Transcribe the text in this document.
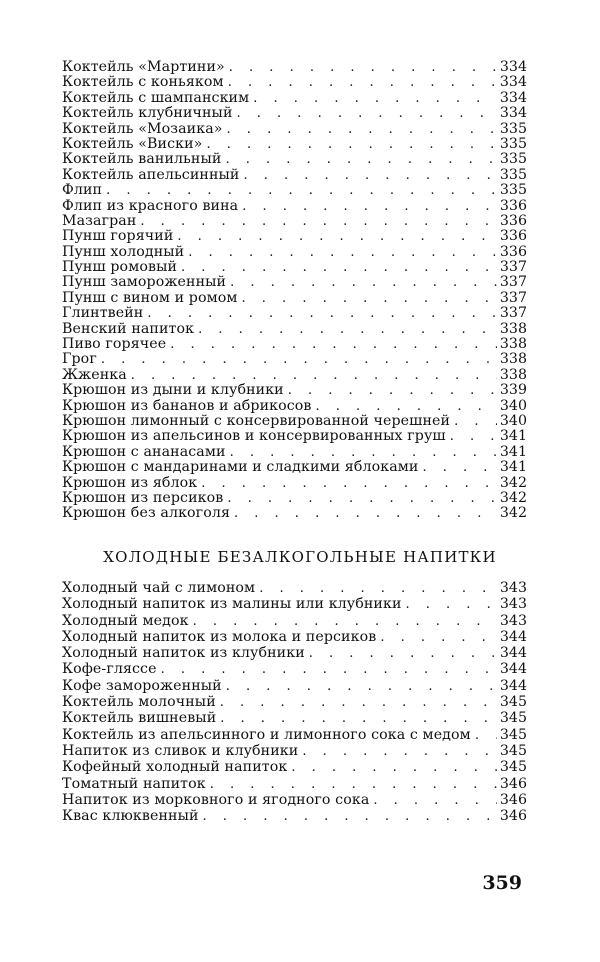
Коктейль «Мартини» . . .	334
Коктейль с коньяком . . .	334
Коктейль с шампанским . . .	334
Коктейль клубничный . . .	334
Коктейль «Мозаика» . . .	335
Коктейль «Виски» . . .	335
Коктейль ванильный . . .	335
Коктейль апельсинный . . .	335
Флип . . .	335
Флип из красного вина . . .	336
Мазагран . . .	336
Пунш горячий . . .	336
Пунш холодный . . .	336
Пунш ромовый . . .	337
Пунш замороженный . . .	337
Пунш с вином и ромом . . .	337
Глинтвейн . . .	337
Венский напиток . . .	338
Пиво горячее . . .	338
Грог . . .	338
Жженка . . .	338
Крюшон из дыни и клубники . . .	339
Крюшон из бананов и абрикосов . . .	340
Крюшон лимонный с консервированной черешней . . .	340
Крюшон из апельсинов и консервированных груш . . .	341
Крюшон с ананасами . . .	341
Крюшон с мандаринами и сладкими яблоками . . .	341
Крюшон из яблок . . .	342
Крюшон из персиков . . .	342
Крюшон без алкоголя . . .	342
ХОЛОДНЫЕ БЕЗАЛКОГОЛЬНЫЕ НАПИТКИ
Холодный чай с лимоном . . .	343
Холодный напиток из малины или клубники . . .	343
Холодный медок . . .	343
Холодный напиток из молока и персиков . . .	344
Холодный напиток из клубники . . .	344
Кофе-гляссе . . .	344
Кофе замороженный . . .	344
Коктейль молочный . . .	345
Коктейль вишневый . . .	345
Коктейль из апельсинного и лимонного сока с медом . . . 345
Напиток из сливок и клубники . . .	345
Кофейный холодный напиток . . .	345
Томатный напиток . . .	346
Напиток из морковного и ягодного сока . . .	346
Квас клюквенный . . .	346
359
